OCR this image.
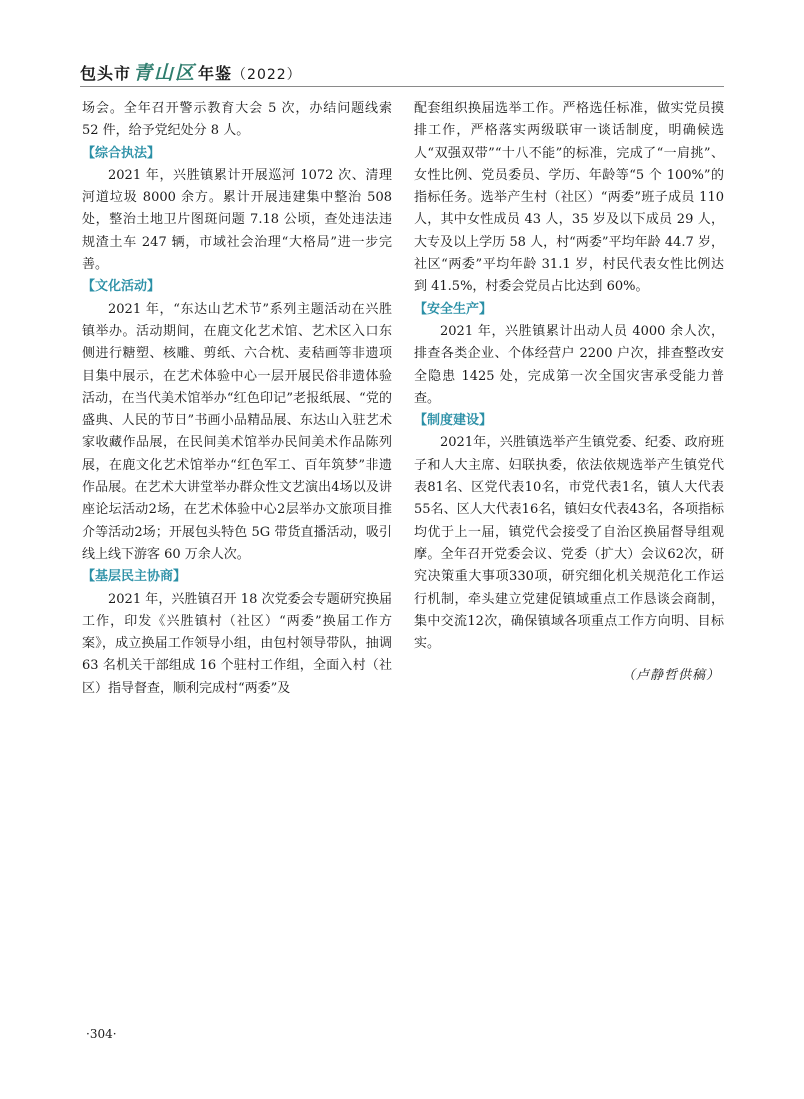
包头市 青山区 年鉴 （2022）

场会。全年召开警示教育大会 5 次，办结问题线索 52 件，给予党纪处分 8 人。

【综合执法】

2021 年，兴胜镇累计开展巡河 1072 次、清理河道垃圾 8000 余方。累计开展违建集中整治 508 处，整治土地卫片图斑问题 7.18 公顷，查处违法违规渣土车 247 辆，市域社会治理“大格局”进一步完善。

【文化活动】

2021 年，“东达山艺术节”系列主题活动在兴胜镇举办。活动期间，在鹿文化艺术馆、艺术区入口东侧进行糖塑、核雕、剪纸、六合枕、麦秸画等非遗项目集中展示，在艺术体验中心一层开展民俗非遗体验活动，在当代美术馆举办“红色印记”老报纸展、“党的盛典、人民的节日”书画小品精品展、东达山入驻艺术家收藏作品展，在民间美术馆举办民间美术作品陈列展，在鹿文化艺术馆举办“红色军工、百年筑梦”非遗作品展。在艺术大讲堂举办群众性文艺演出4场以及讲座论坛活动2场，在艺术体验中心2层举办文旅项目推介等活动2场；开展包头特色 5G 带货直播活动，吸引线上线下游客 60 万余人次。

【基层民主协商】

2021 年，兴胜镇召开 18 次党委会专题研究换届工作，印发《兴胜镇村（社区）“两委”换届工作方案》，成立换届工作领导小组，由包村领导带队，抽调 63 名机关干部组成 16 个驻村工作组，全面入村（社区）指导督查，顺利完成村“两委”及

配套组织换届选举工作。严格选任标准，做实党员摸排工作，严格落实两级联审一谈话制度，明确候选人“双强双带”“十八不能”的标准，完成了“一肩挑”、女性比例、党员委员、学历、年龄等“5 个 100%”的指标任务。选举产生村（社区）“两委”班子成员 110 人，其中女性成员 43 人，35 岁及以下成员 29 人，大专及以上学历 58 人，村“两委”平均年龄 44.7 岁，社区“两委”平均年龄 31.1 岁，村民代表女性比例达到 41.5%，村委会党员占比达到 60%。

【安全生产】

2021 年，兴胜镇累计出动人员 4000 余人次，排查各类企业、个体经营户 2200 户次，排查整改安全隐患 1425 处，完成第一次全国灾害承受能力普查。

【制度建设】

2021年，兴胜镇选举产生镇党委、纪委、政府班子和人大主席、妇联执委，依法依规选举产生镇党代表81名、区党代表10名，市党代表1名，镇人大代表55名、区人大代表16名，镇妇女代表43名，各项指标均优于上一届，镇党代会接受了自治区换届督导组观摩。全年召开党委会议、党委（扩大）会议62次，研究决策重大事项330项，研究细化机关规范化工作运行机制，牵头建立党建促镇域重点工作恳谈会商制，集中交流12次，确保镇域各项重点工作方向明、目标实。

（卢静哲供稿）
·304·
